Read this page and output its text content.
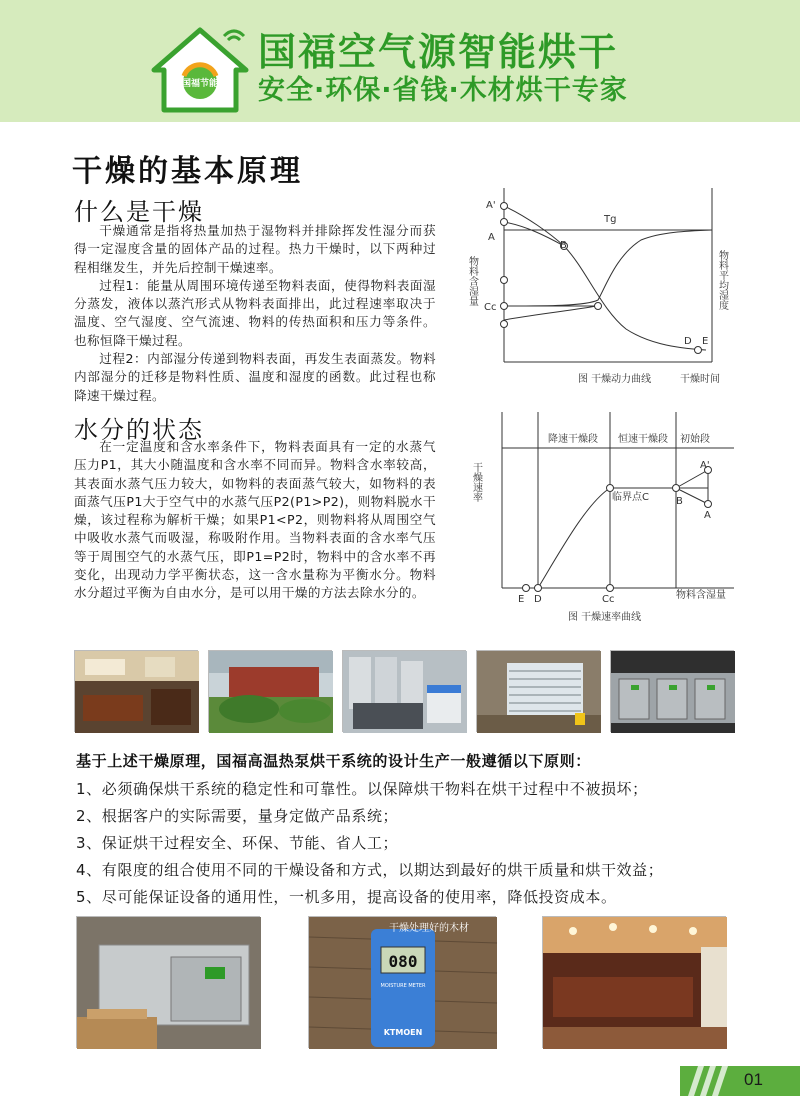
国福节能
国福空气源智能烘干
安全·环保·省钱·木材烘干专家
干燥的基本原理
什么是干燥

干燥通常是指将热量加热于湿物料并排除挥发性湿分而获得一定湿度含量的固体产品的过程。热力干燥时，以下两种过程相继发生，并先后控制干燥速率。

过程1：能量从周围环境传递至物料表面，使得物料表面湿分蒸发，液体以蒸汽形式从物料表面排出，此过程速率取决于温度、空气湿度、空气流速、物料的传热面积和压力等条件。也称恒降干燥过程。

过程2：内部湿分传递到物料表面，再发生表面蒸发。物料内部湿分的迁移是物料性质、温度和湿度的函数。此过程也称降速干燥过程。

水分的状态

在一定温度和含水率条件下，物料表面具有一定的水蒸气压力P1，其大小随温度和含水率不同而异。物料含水率较高，其表面水蒸气压力较大，如物料的表面蒸气较大，如物料的表面蒸气压P1大于空气中的水蒸气压P2(P1>P2)，则物料脱水干燥，该过程称为解析干燥；如果P1<P2，则物料将从周围空气中吸收水蒸气而吸湿，称吸附作用。当物料表面的含水率气压等于周围空气的水蒸气压，即P1=P2时，物料中的含水率不再变化，出现动力学平衡状态，这一含水量称为平衡水分。物料水分超过平衡为自由水分，是可以用干燥的方法去除水分的。

Tg
A'
A
B
Cc
D E
物料含湿量	物料平均湿度
图 干燥动力曲线	干燥时间
降速干燥段 恒速干燥段 初始段
临界点C	B
A'
A
E D	Cc	物料含湿量
图 干燥速率曲线
干燥速率
基于上述干燥原理，国福高温热泵烘干系统的设计生产一般遵循以下原则：
1、必须确保烘干系统的稳定性和可靠性。以保障烘干物料在烘干过程中不被损坏；
2、根据客户的实际需要，量身定做产品系统；
3、保证烘干过程安全、环保、节能、省人工；
4、有限度的组合使用不同的干燥设备和方式，以期达到最好的烘干质量和烘干效益；
5、尽可能保证设备的通用性，一机多用，提高设备的使用率，降低投资成本。
080
MOISTURE METER
KTMOEN
干燥处理好的木材
01
